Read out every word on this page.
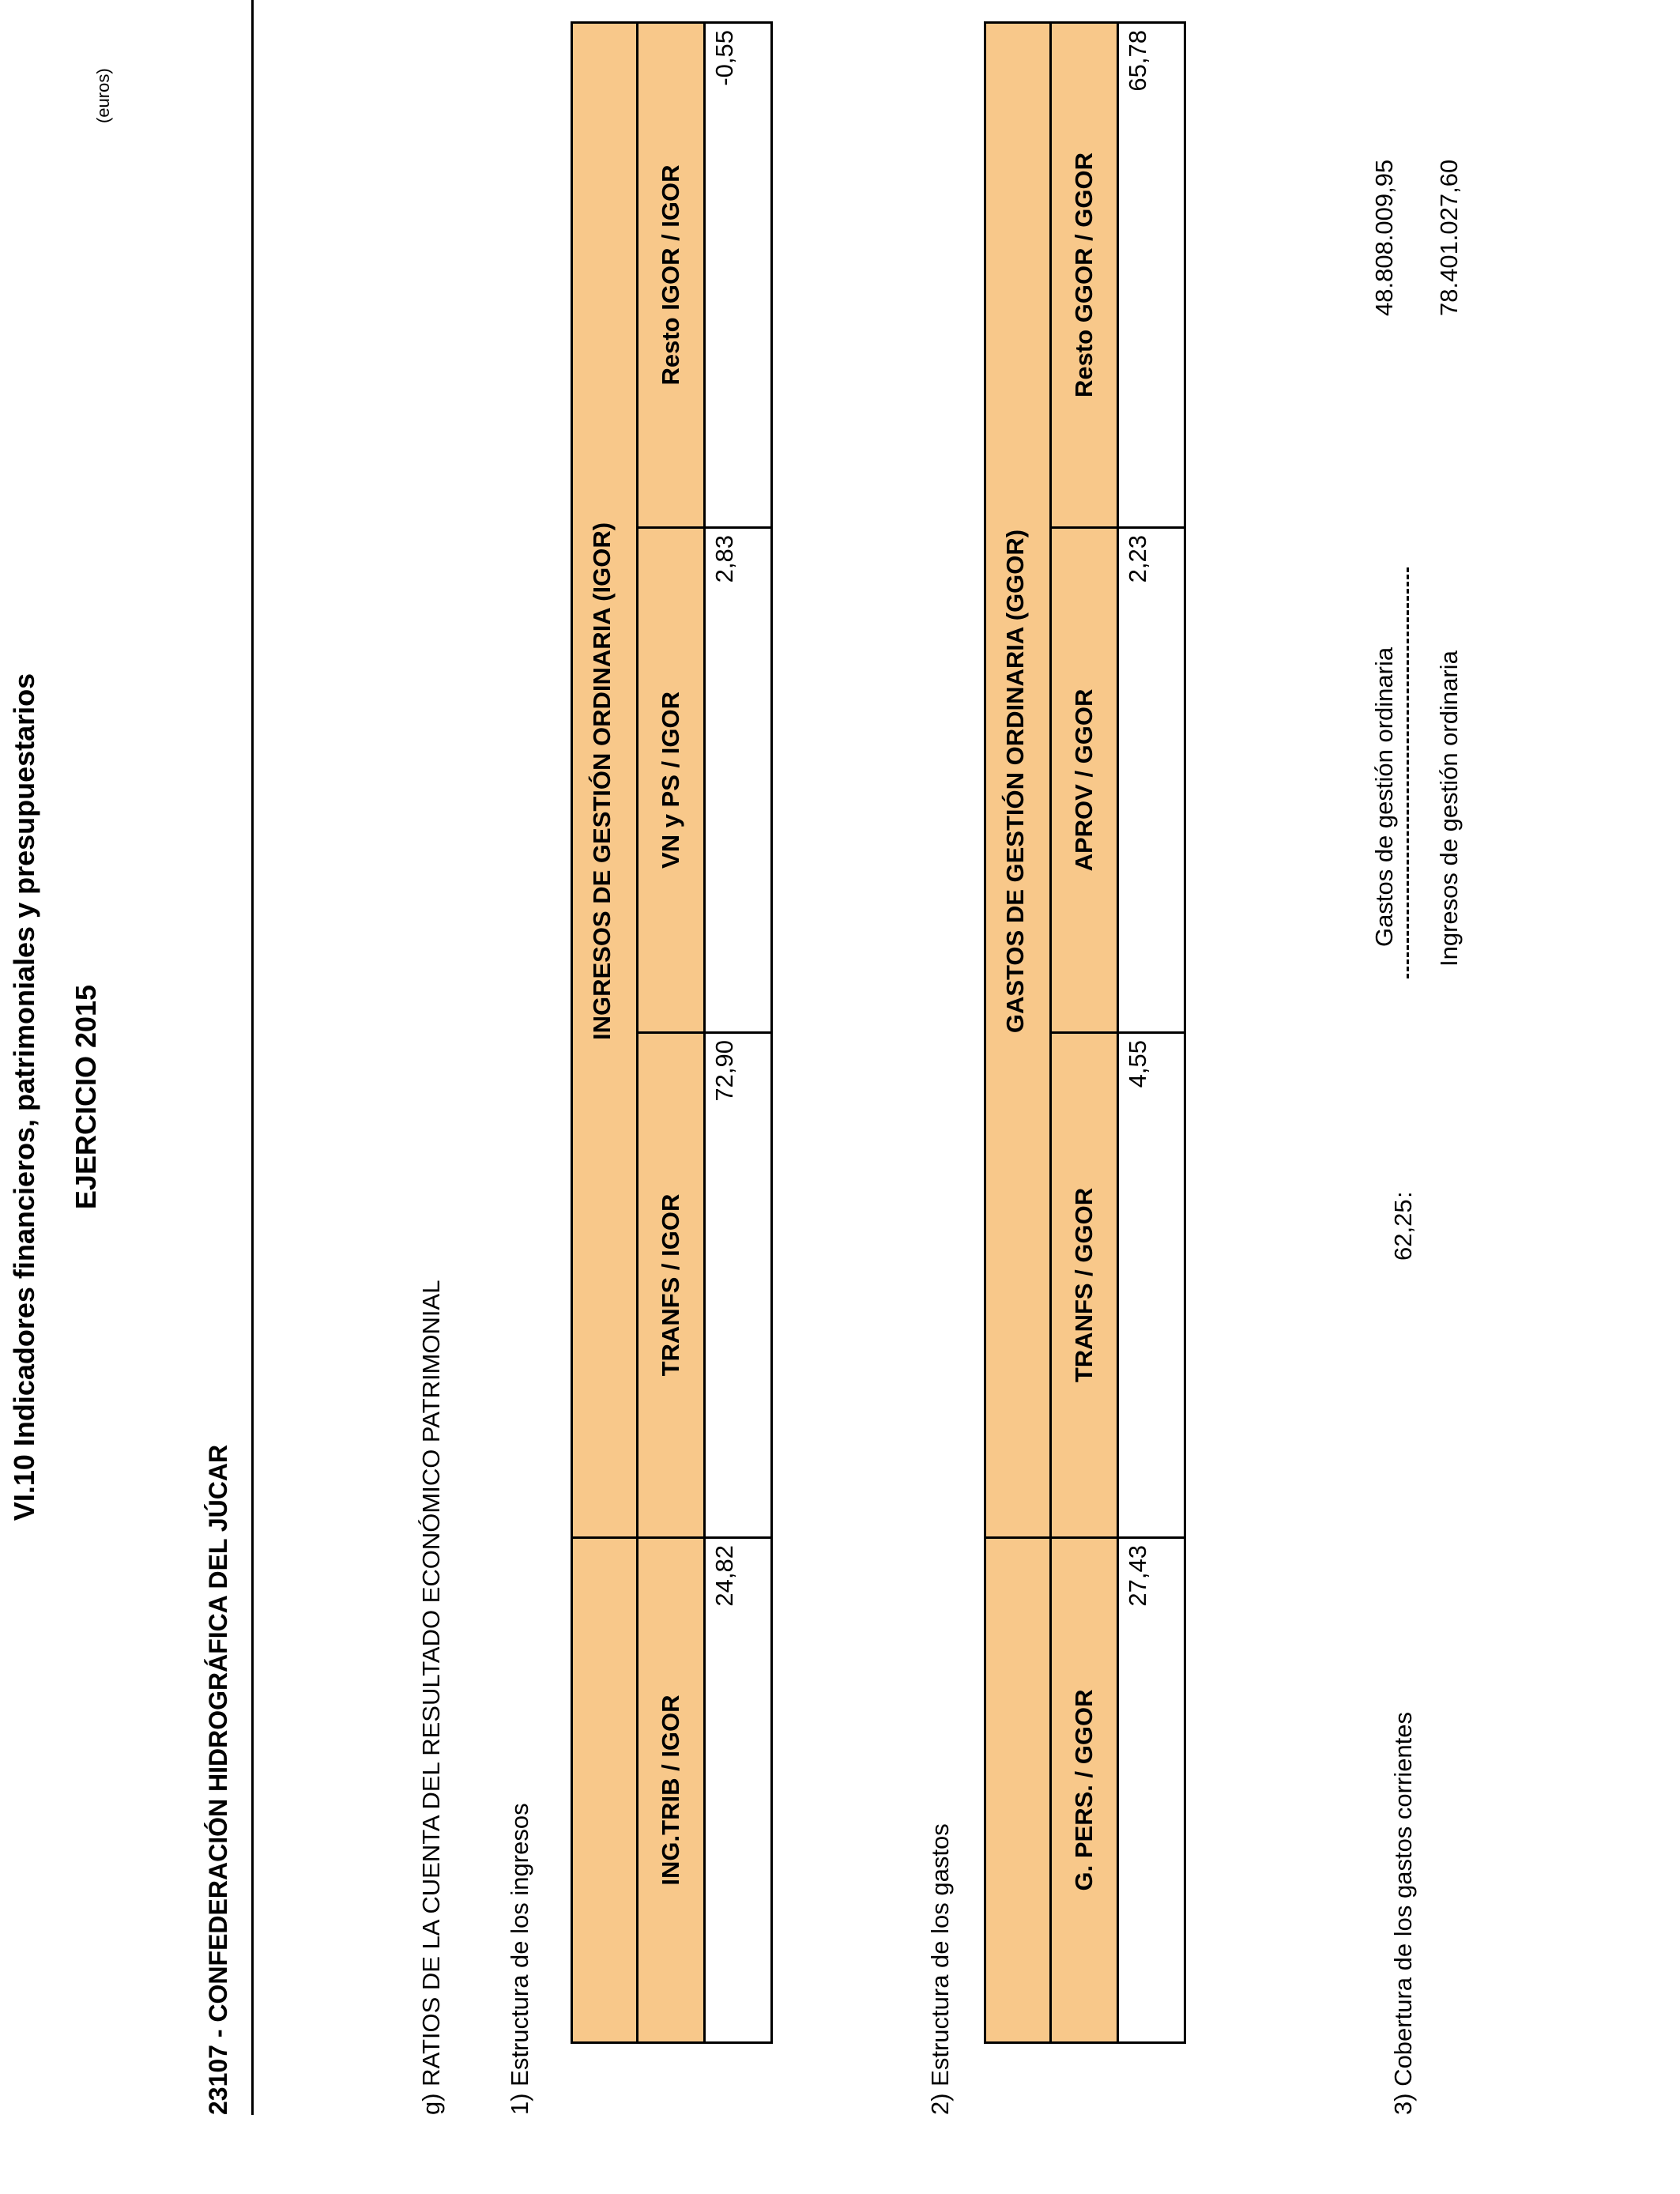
VI.10 Indicadores financieros, patrimoniales y presupuestarios EJERCICIO 2015
23107 - CONFEDERACIÓN HIDROGRÁFICA DEL JÚCAR
(euros)
g) RATIOS DE LA CUENTA DEL RESULTADO ECONÓMICO PATRIMONIAL 1) Estructura de los ingresos

ING.TRIB / IGOR	TRANFS / IGOR	VN y PS / IGOR	Resto IGOR / IGOR
24,82	72,90	2,83	-0,55
INGRESOS DE GESTIÓN ORDINARIA (IGOR)
2) Estructura de los gastos

G. PERS. / GGOR	TRANFS / GGOR	APROV / GGOR	Resto GGOR / GGOR
27,43	4,55	2,23	65,78
GASTOS DE GESTIÓN ORDINARIA (GGOR)
3) Cobertura de los gastos corrientes
62,25
:
Gastos de gestión ordinaria Ingresos de gestión ordinaria
48.808.009,95 78.401.027,60
